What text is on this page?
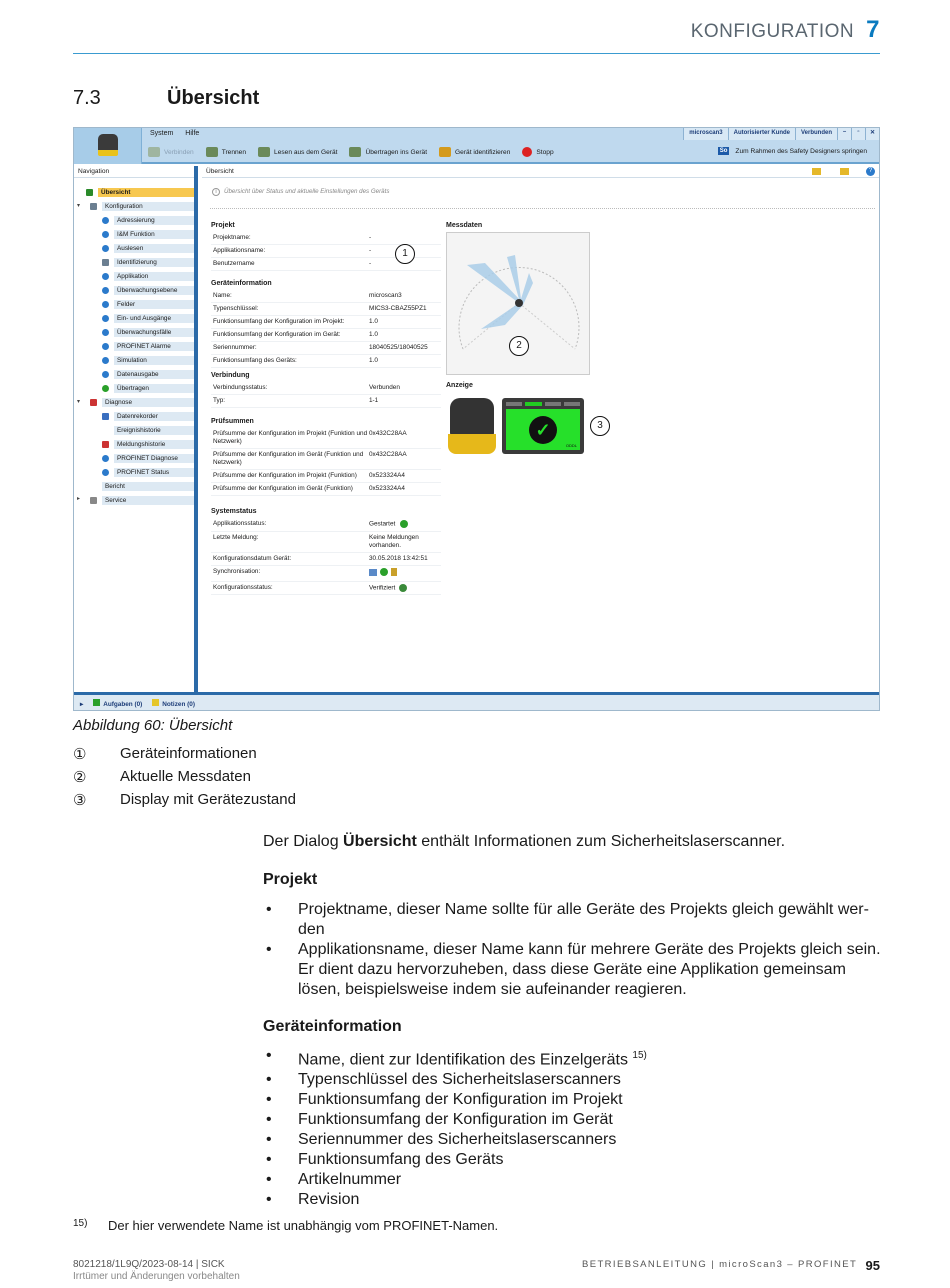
KONFIGURATION 7
7.3	Übersicht
System Hilfe	microscan3	Autorisierter Kunde	Verbunden	–	▫	✕
Verbinden	Trennen	Lesen aus dem Gerät	Übertragen ins Gerät	Gerät identifizieren	Stopp	So	Zum Rahmen des Safety Designers springen
Navigation
Übersicht
▾	Konfiguration
Adressierung
I&M Funktion
Auslesen
Identifizierung
Applikation
Überwachungsebene
Felder
Ein- und Ausgänge
Überwachungsfälle
PROFINET Alarme
Simulation
Datenausgabe
Übertragen
▾	Diagnose
Datenrekorder
Ereignishistorie
Meldungshistorie
PROFINET Diagnose
PROFINET Status
Bericht
▸	Service
Übersicht
i Übersicht über Status und aktuelle Einstellungen des Geräts
Projekt
Projektname:	-
Applikationsname:	-
Benutzername	-
Geräteinformation
Name:	microscan3
Typenschlüssel:	MICS3-CBAZ55PZ1
Funktionsumfang der Konfiguration im Projekt:	1.0
Funktionsumfang der Konfiguration im Gerät:	1.0
Seriennummer:	18040525/18040525
Funktionsumfang des Geräts:	1.0
Verbindung
Verbindungsstatus:	Verbunden
Typ:	1-1
Prüfsummen
Prüfsumme der Konfiguration im Projekt (Funktion und Netzwerk)
0x432C28AA
Prüfsumme der Konfiguration im Gerät (Funktion und Netzwerk)
0x432C28AA
Prüfsumme der Konfiguration im Projekt (Funktion)	0x523324A4
Prüfsumme der Konfiguration im Gerät (Funktion)	0x523324A4
Systemstatus
Applikationsstatus:	Gestartet
Letzte Meldung:	Keine Meldungen vorhanden.
Konfigurationsdatum Gerät:	30.05.2018 13:42:51
Synchronisation:
Konfigurationsstatus:	Verifiziert
Messdaten
Anzeige
✓
ODDL
1
2
3
?
▸	Aufgaben (0)	Notizen (0)
Abbildung 60: Übersicht
①	Geräteinformationen
②	Aktuelle Messdaten
③	Display mit Gerätezustand
Der Dialog Übersicht enthält Informationen zum Sicherheitslaserscanner.
Projekt
• Projektname, dieser Name sollte für alle Geräte des Projekts gleich gewählt wer-den
• Applikationsname, dieser Name kann für mehrere Geräte des Projekts gleich sein. Er dient dazu hervorzuheben, dass diese Geräte eine Applikation gemeinsam lösen, beispielsweise indem sie aufeinander reagieren.
Geräteinformation
• Name, dient zur Identifikation des Einzelgeräts $^{15)}$
• Typenschlüssel des Sicherheitslaserscanners
• Funktionsumfang der Konfiguration im Projekt
• Funktionsumfang der Konfiguration im Gerät
• Seriennummer des Sicherheitslaserscanners
• Funktionsumfang des Geräts
• Artikelnummer
• Revision
15)	Der hier verwendete Name ist unabhängig vom PROFINET-Namen.
8021218/1L9Q/2023-08-14 | SICK
Irrtümer und Änderungen vorbehalten
BETRIEBSANLEITUNG | microScan3 – PROFINET 95
